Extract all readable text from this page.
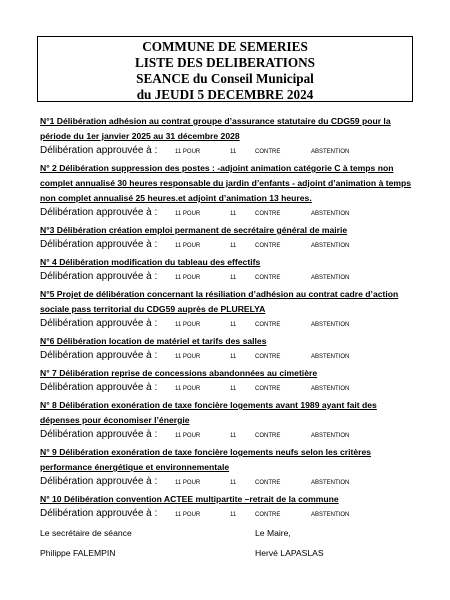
COMMUNE DE SEMERIES
LISTE DES DELIBERATIONS
SEANCE du Conseil Municipal
du JEUDI 5 DECEMBRE 2024
N°1 Délibération adhésion au contrat groupe d’assurance statutaire du CDG59 pour la
période du 1er janvier 2025 au 31 décembre 2028
Délibération approuvée à :	11 POUR	11	CONTRE	ABSTENTION
N° 2 Délibération suppression des postes : -adjoint animation catégorie C à temps non
complet annualisé 30 heures responsable du jardin d’enfants - adjoint d’animation à temps
non complet annualisé 25 heures.et adjoint d’animation 13 heures.
Délibération approuvée à :	11 POUR	11	CONTRE	ABSTENTION
N°3 Délibération création emploi permanent de secrétaire général de mairie
Délibération approuvée à :	11 POUR	11	CONTRE	ABSTENTION
N° 4 Délibération modification du tableau des effectifs
Délibération approuvée à :	11 POUR	11	CONTRE	ABSTENTION
N°5 Projet de délibération concernant la résiliation d’adhésion au contrat cadre d’action
sociale pass territorial du CDG59 auprès de PLURELYA
Délibération approuvée à :	11 POUR	11	CONTRE	ABSTENTION
N°6 Délibération location de matériel et tarifs des salles
Délibération approuvée à :	11 POUR	11	CONTRE	ABSTENTION
N° 7 Délibération reprise de concessions abandonnées au cimetière
Délibération approuvée à :	11 POUR	11	CONTRE	ABSTENTION
N° 8 Délibération exonération de taxe foncière logements avant 1989 ayant fait des
dépenses pour économiser l’énergie
Délibération approuvée à :	11 POUR	11	CONTRE	ABSTENTION
N° 9 Délibération exonération de taxe foncière logements neufs selon les critères
performance énergétique et environnementale
Délibération approuvée à :	11 POUR	11	CONTRE	ABSTENTION
N° 10 Délibération convention ACTEE multipartite –retrait de la commune
Délibération approuvée à :	11 POUR	11	CONTRE	ABSTENTION
Le secrétaire de séance	Le Maire,
Philippe FALEMPIN	Hervé LAPASLAS
